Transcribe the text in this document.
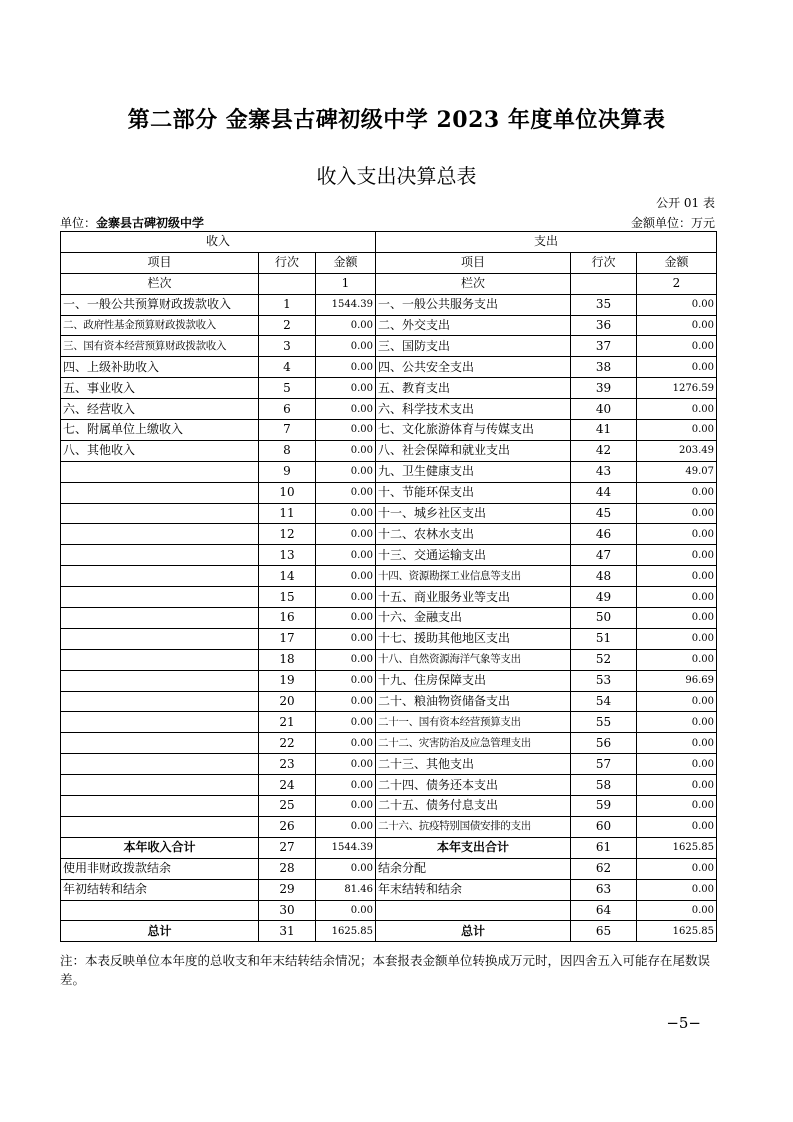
第二部分 金寨县古碑初级中学 2023 年度单位决算表
收入支出决算总表
公开 01 表
单位：金寨县古碑初级中学	金额单位：万元
收入			支出		
项目	行次	金额	项目	行次	金额
栏次		1	栏次		2
一、一般公共预算财政拨款收入	1	1544.39	一、一般公共服务支出	35	0.00
二、政府性基金预算财政拨款收入	2	0.00	二、外交支出	36	0.00
三、国有资本经营预算财政拨款收入	3	0.00	三、国防支出	37	0.00
四、上级补助收入	4	0.00	四、公共安全支出	38	0.00
五、事业收入	5	0.00	五、教育支出	39	1276.59
六、经营收入	6	0.00	六、科学技术支出	40	0.00
七、附属单位上缴收入	7	0.00	七、文化旅游体育与传媒支出	41	0.00
八、其他收入	8	0.00	八、社会保障和就业支出	42	203.49
	9	0.00	九、卫生健康支出	43	49.07
	10	0.00	十、节能环保支出	44	0.00
	11	0.00	十一、城乡社区支出	45	0.00
	12	0.00	十二、农林水支出	46	0.00
	13	0.00	十三、交通运输支出	47	0.00
	14	0.00	十四、资源勘探工业信息等支出	48	0.00
	15	0.00	十五、商业服务业等支出	49	0.00
	16	0.00	十六、金融支出	50	0.00
	17	0.00	十七、援助其他地区支出	51	0.00
	18	0.00	十八、自然资源海洋气象等支出	52	0.00
	19	0.00	十九、住房保障支出	53	96.69
	20	0.00	二十、粮油物资储备支出	54	0.00
	21	0.00	二十一、国有资本经营预算支出	55	0.00
	22	0.00	二十二、灾害防治及应急管理支出	56	0.00
	23	0.00	二十三、其他支出	57	0.00
	24	0.00	二十四、债务还本支出	58	0.00
	25	0.00	二十五、债务付息支出	59	0.00
	26	0.00	二十六、抗疫特别国债安排的支出	60	0.00
本年收入合计	27	1544.39	本年支出合计	61	1625.85
使用非财政拨款结余	28	0.00	结余分配	62	0.00
年初结转和结余	29	81.46	年末结转和结余	63	0.00
	30	0.00		64	0.00
总计	31	1625.85	总计	65	1625.85
注：本表反映单位本年度的总收支和年末结转结余情况；本套报表金额单位转换成万元时，因四舍五入可能存在尾数误差。
−5−
